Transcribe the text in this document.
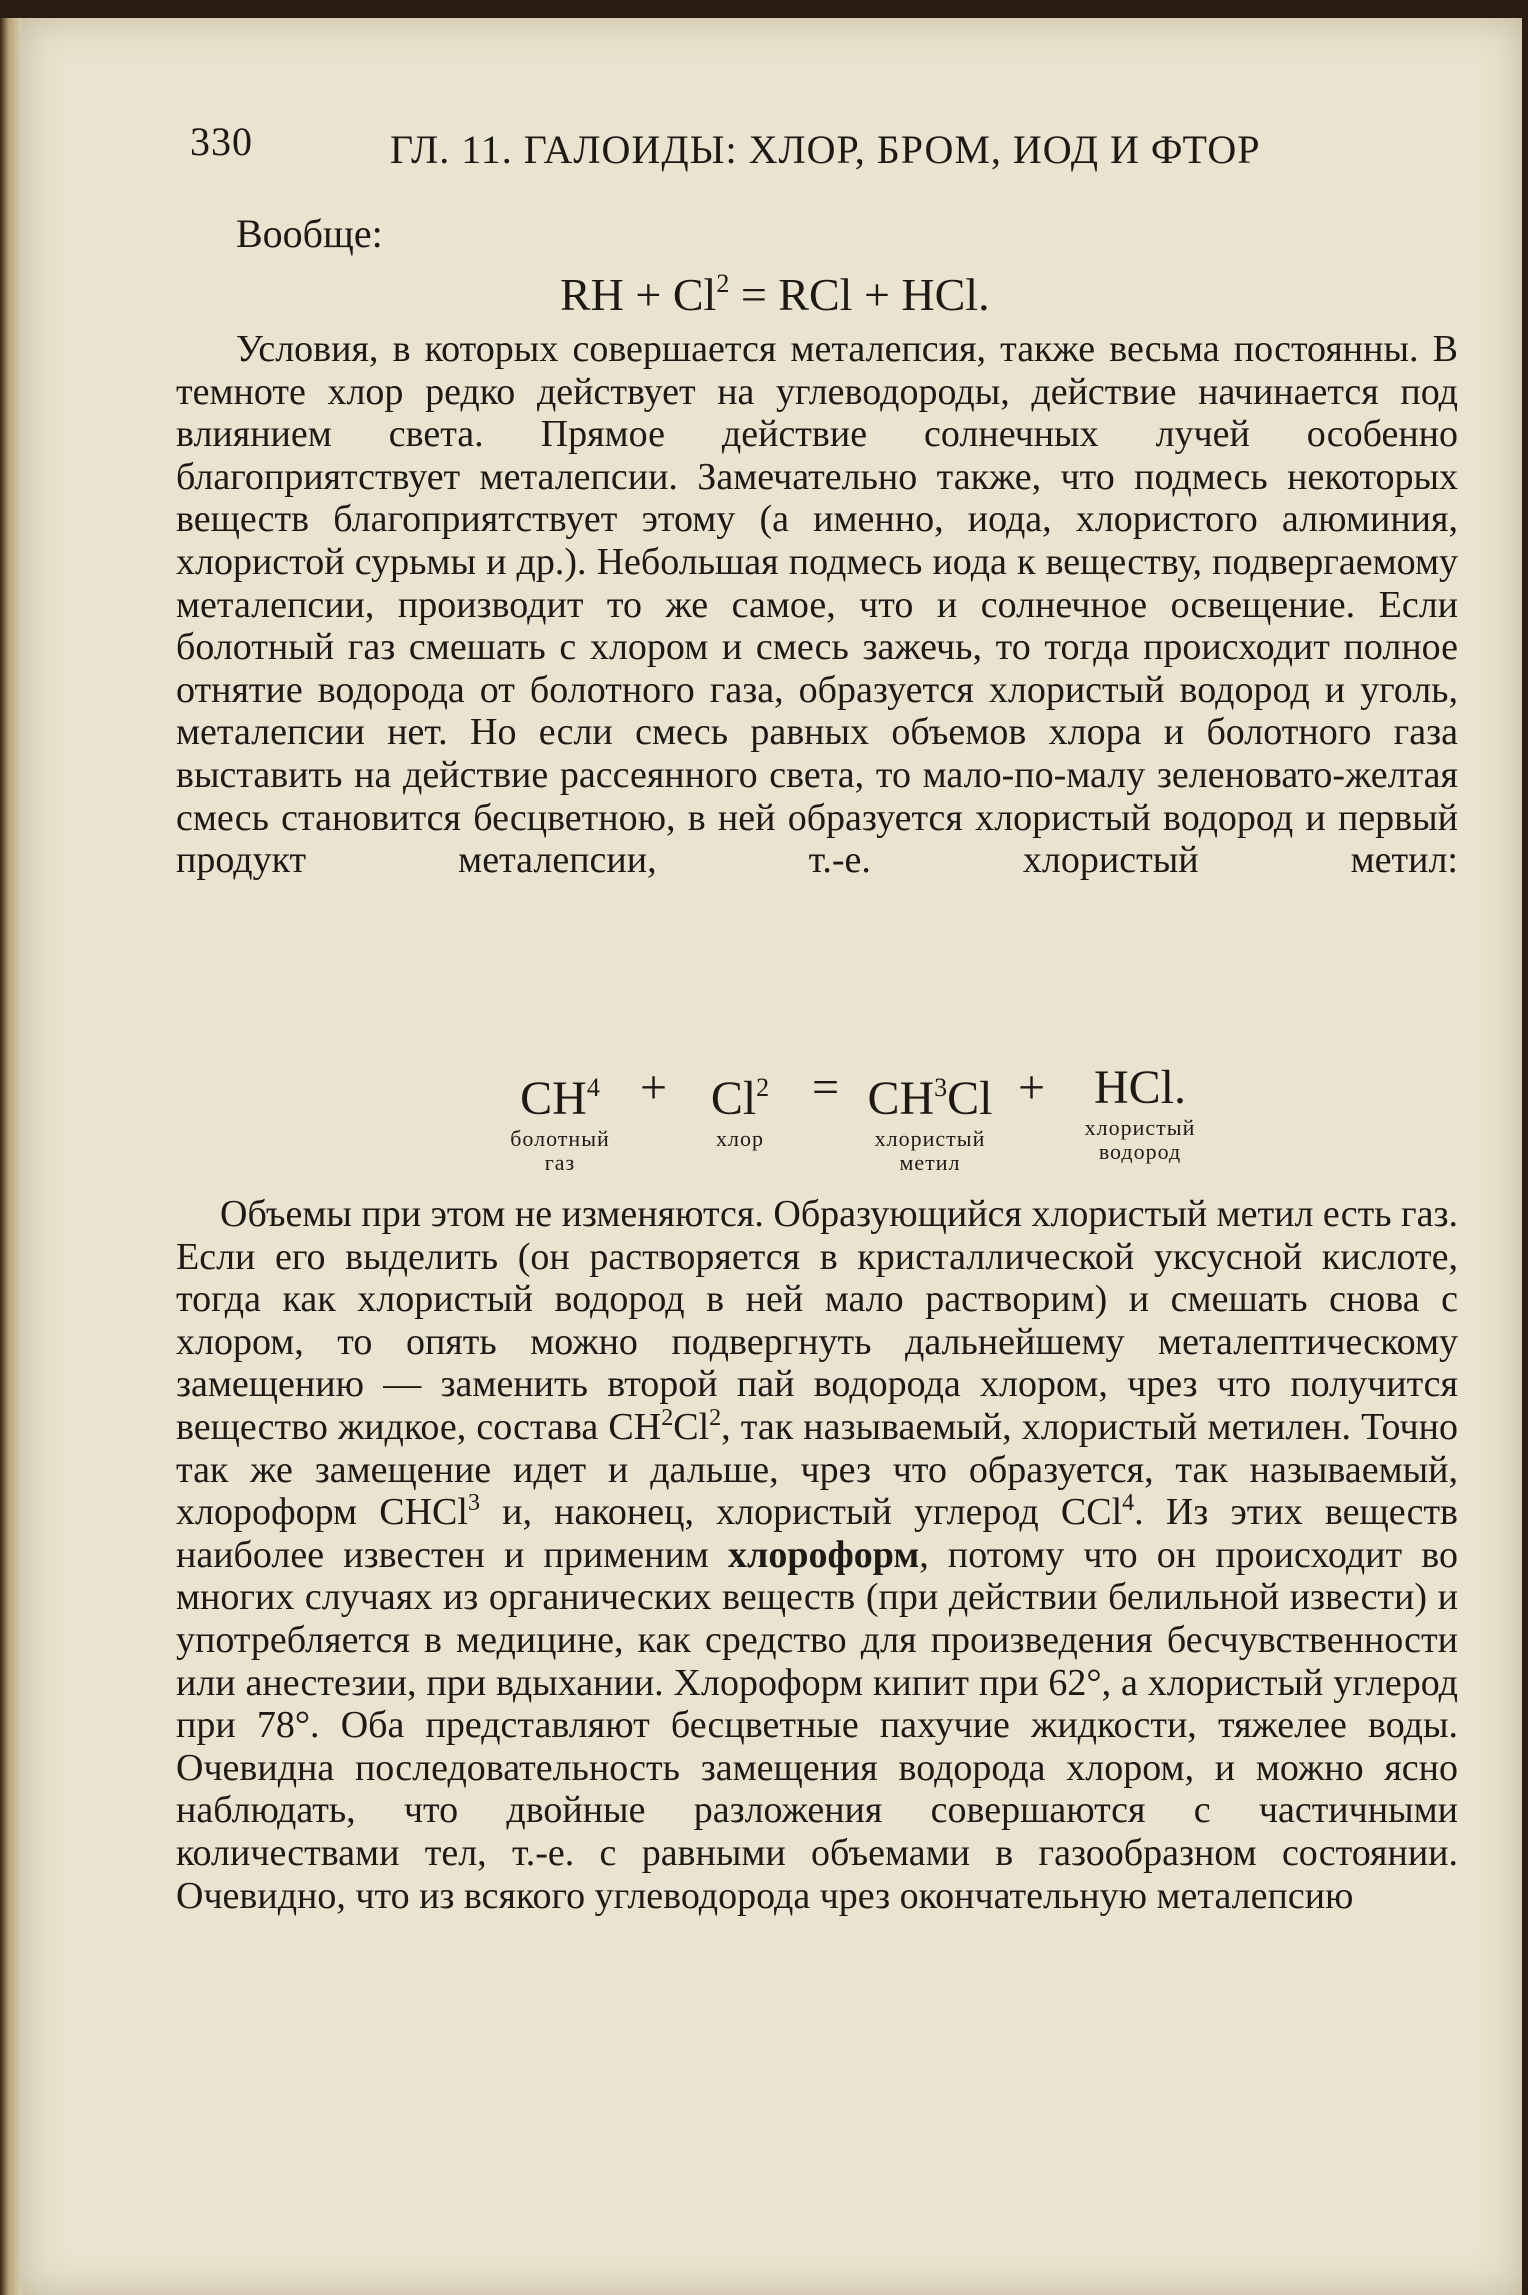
330	ГЛ. 11. ГАЛОИДЫ: ХЛОР, БРОМ, ИОД И ФТОР
Вообще:
RH + $Cl^2$ = RCl + HCl.
Условия, в которых совершается металепсия, также весьма постоянны. В темноте хлор редко действует на углеводороды, действие начинается под влиянием света. Прямое действие солнечных лучей особенно благоприятствует металепсии. Замечательно также, что подмесь некоторых веществ благоприятствует этому (а именно, иода, хлористого алюминия, хлористой сурьмы и др.). Небольшая подмесь иода к веществу, подвергаемому металепсии, производит то же самое, что и солнечное освещение. Если болотный газ смешать с хлором и смесь зажечь, то тогда происходит полное отнятие водорода от болотного газа, образуется хлористый водород и уголь, металепсии нет. Но если смесь равных объемов хлора и болотного газа выставить на действие рассеянного света, то мало-по-малу зеленовато-желтая смесь становится бесцветною, в ней образуется хлористый водород и первый продукт металепсии, т.-е. хлористый метил:
$CH^4$
болотный
газ
+ $Cl^2$
хлор
= $CH^3Cl$
хлористый
метил
+	HCl.
хлористый
водород
Объемы при этом не изменяются. Образующийся хлористый метил есть газ. Если его выделить (он растворяется в кристаллической уксусной кислоте, тогда как хлористый водород в ней мало растворим) и смешать снова с хлором, то опять можно подвергнуть дальнейшему металептическому замещению — заменить второй пай водорода хлором, чрез что получится вещество жидкое, состава $CH^2Cl^2$, так называемый, хлористый метилен. Точно так же замещение идет и дальше, чрез что образуется, так называемый, хлороформ CHCl$^3$ и, наконец, хлористый углерод CCl$^4$. Из этих веществ наиболее известен и применим хлороформ, потому что он происходит во многих случаях из органических веществ (при действии белильной извести) и употребляется в медицине, как средство для произведения бесчувственности или анестезии, при вдыхании. Хлороформ кипит при 62°, а хлористый углерод при 78°. Оба представляют бесцветные пахучие жидкости, тяжелее воды. Очевидна последовательность замещения водорода хлором, и можно ясно наблюдать, что двойные разложения совершаются с частичными количествами тел, т.-е. с равными объемами в газообразном состоянии. Очевидно, что из всякого углеводорода чрез окончательную металепсию
